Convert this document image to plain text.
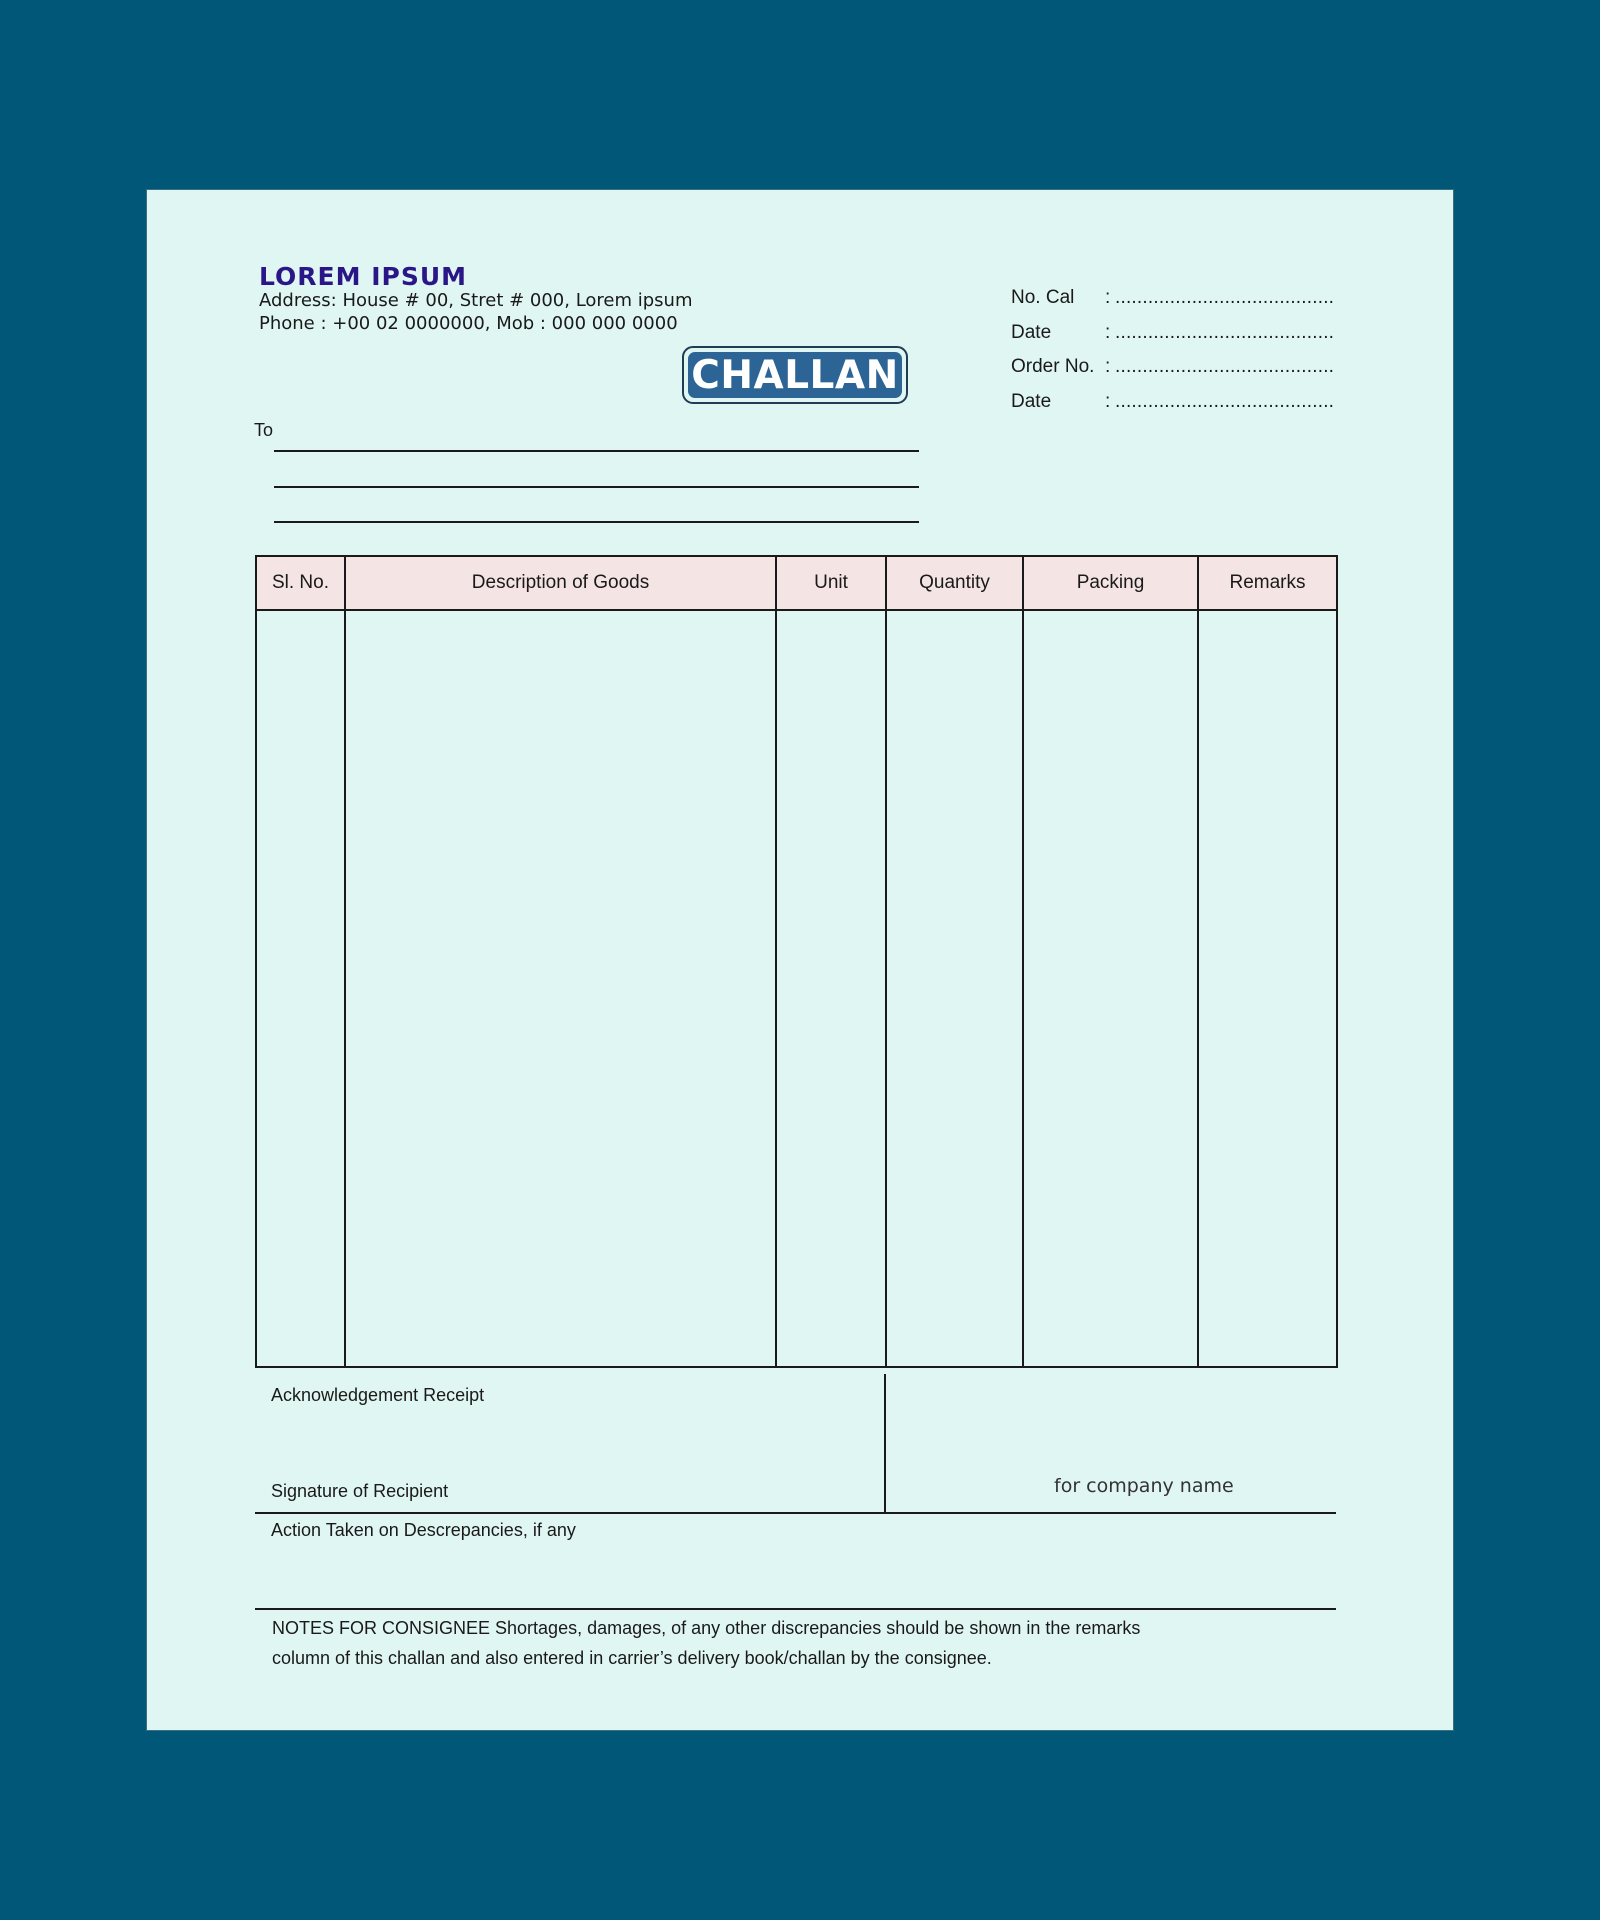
LOREM IPSUM
Address: House # 00, Stret # 000, Lorem ipsum
Phone : +00 02 0000000, Mob : 000 000 0000
No. Cal : ........................................
Date	: ........................................
Order No. : ........................................
Date	: ........................................
CHALLAN
To
Sl. No.	Description of Goods	Unit	Quantity	Packing	Remarks

Acknowledgement Receipt
Signature of Recipient	for company name
Action Taken on Descrepancies, if any
NOTES FOR CONSIGNEE Shortages, damages, of any other discrepancies should be shown in the remarks
column of this challan and also entered in carrier’s delivery book/challan by the consignee.
